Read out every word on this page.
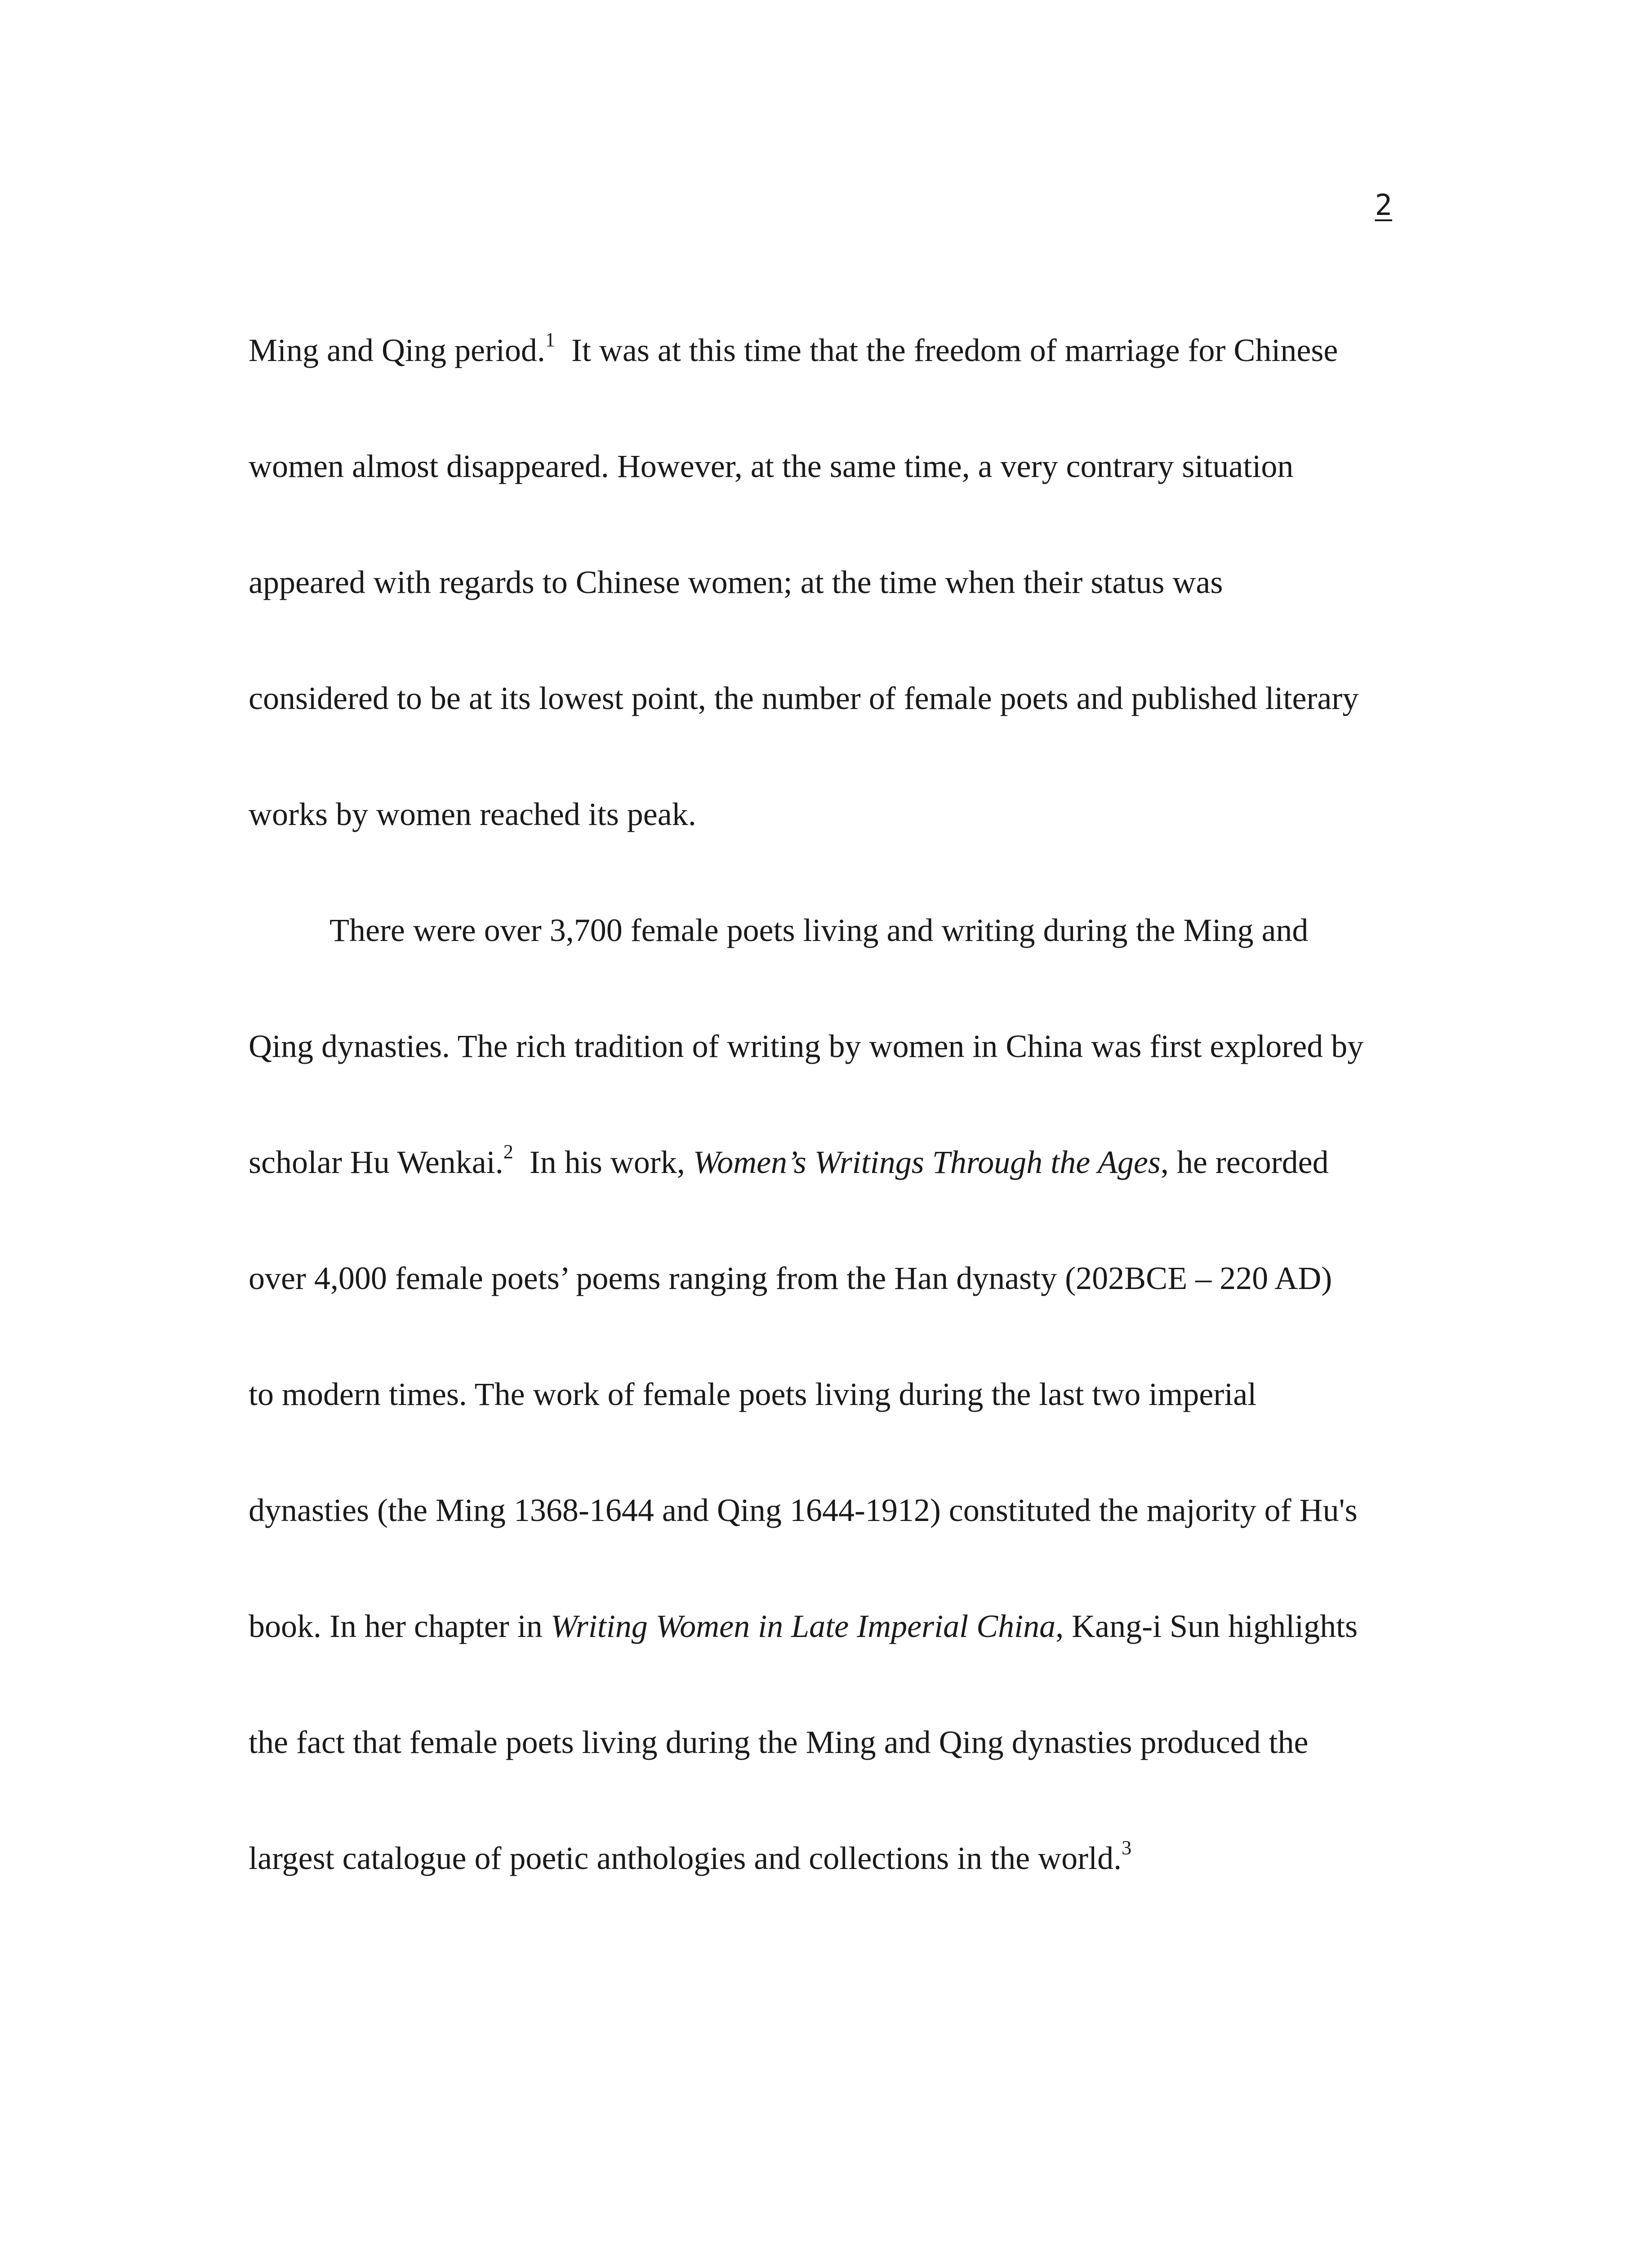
2
Ming and Qing period.$^1$  It was at this time that the freedom of marriage for Chinese
women almost disappeared. However, at the same time, a very contrary situation
appeared with regards to Chinese women; at the time when their status was
considered to be at its lowest point, the number of female poets and published literary
works by women reached its peak.
There were over 3,700 female poets living and writing during the Ming and
Qing dynasties. The rich tradition of writing by women in China was first explored by
scholar Hu Wenkai.$^2$  In his work, Women’s Writings Through the Ages, he recorded
over 4,000 female poets’ poems ranging from the Han dynasty (202BCE – 220 AD)
to modern times. The work of female poets living during the last two imperial
dynasties (the Ming 1368-1644 and Qing 1644-1912) constituted the majority of Hu's
book. In her chapter in Writing Women in Late Imperial China, Kang-i Sun highlights
the fact that female poets living during the Ming and Qing dynasties produced the
largest catalogue of poetic anthologies and collections in the world.$^3$
